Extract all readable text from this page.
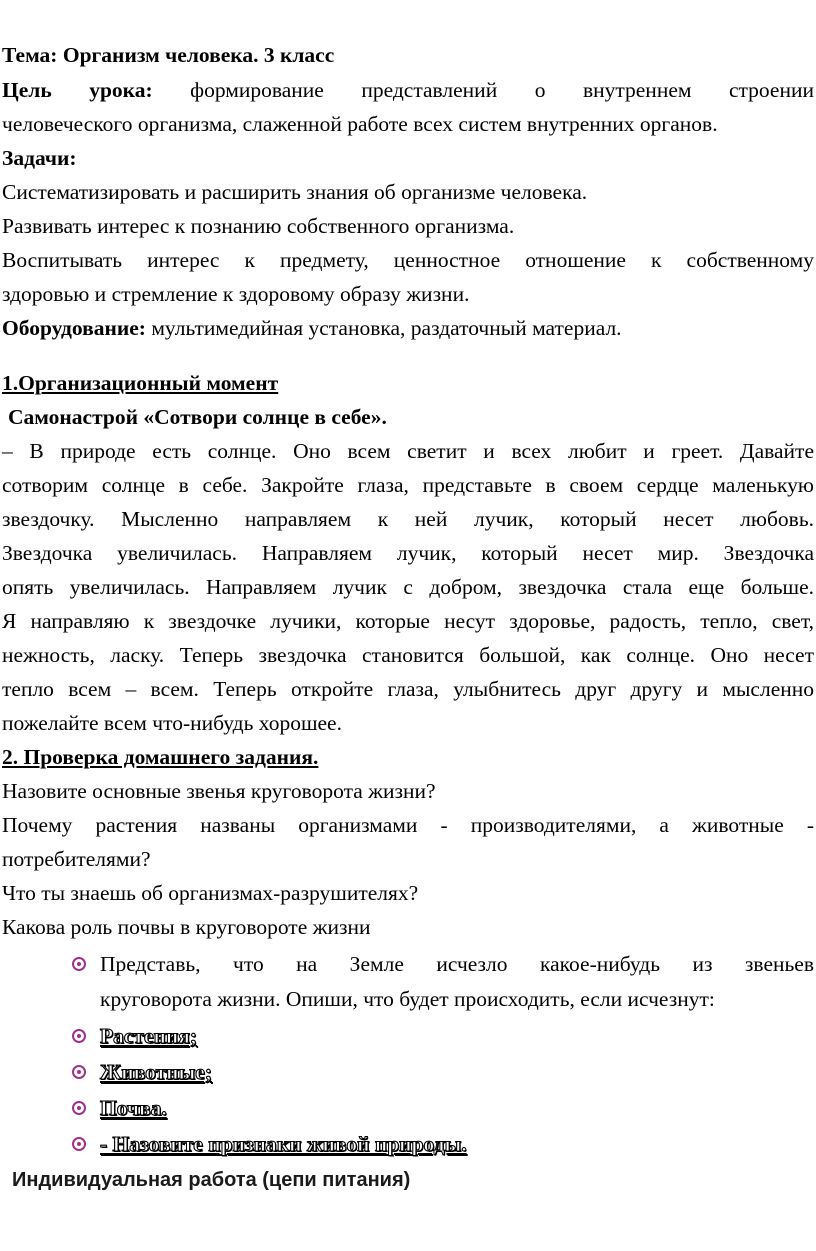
Тема: Организм человека. 3 класс
Цель урока: формирование представлений о внутреннем строении
человеческого организма, слаженной работе всех систем внутренних органов.
Задачи:
Систематизировать и расширить знания об организме человека.
Развивать интерес к познанию собственного организма.
Воспитывать интерес к предмету, ценностное отношение к собственному
здоровью и стремление к здоровому образу жизни.
Оборудование: мультимедийная установка, раздаточный материал.
1.Организационный момент
Самонастрой «Сотвори солнце в себе».
– В природе есть солнце. Оно всем светит и всех любит и греет. Давайте
сотворим солнце в себе. Закройте глаза, представьте в своем сердце маленькую
звездочку. Мысленно направляем к ней лучик, который несет любовь.
Звездочка увеличилась. Направляем лучик, который несет мир. Звездочка
опять увеличилась. Направляем лучик с добром, звездочка стала еще больше.
Я направляю к звездочке лучики, которые несут здоровье, радость, тепло, свет,
нежность, ласку. Теперь звездочка становится большой, как солнце. Оно несет
тепло всем – всем. Теперь откройте глаза, улыбнитесь друг другу и мысленно
пожелайте всем что-нибудь хорошее.
2. Проверка домашнего задания.
Назовите основные звенья круговорота жизни?
Почему растения названы организмами - производителями, а животные -
потребителями?
Что ты знаешь об организмах-разрушителях?
Какова роль почвы в круговороте жизни
Представь, что на Земле исчезло какое-нибудь из звеньев
круговорота жизни. Опиши, что будет происходить, если исчезнут:
Растения;
Животные;
Почва.
- Назовите признаки живой природы.
Индивидуальная работа (цепи питания)
